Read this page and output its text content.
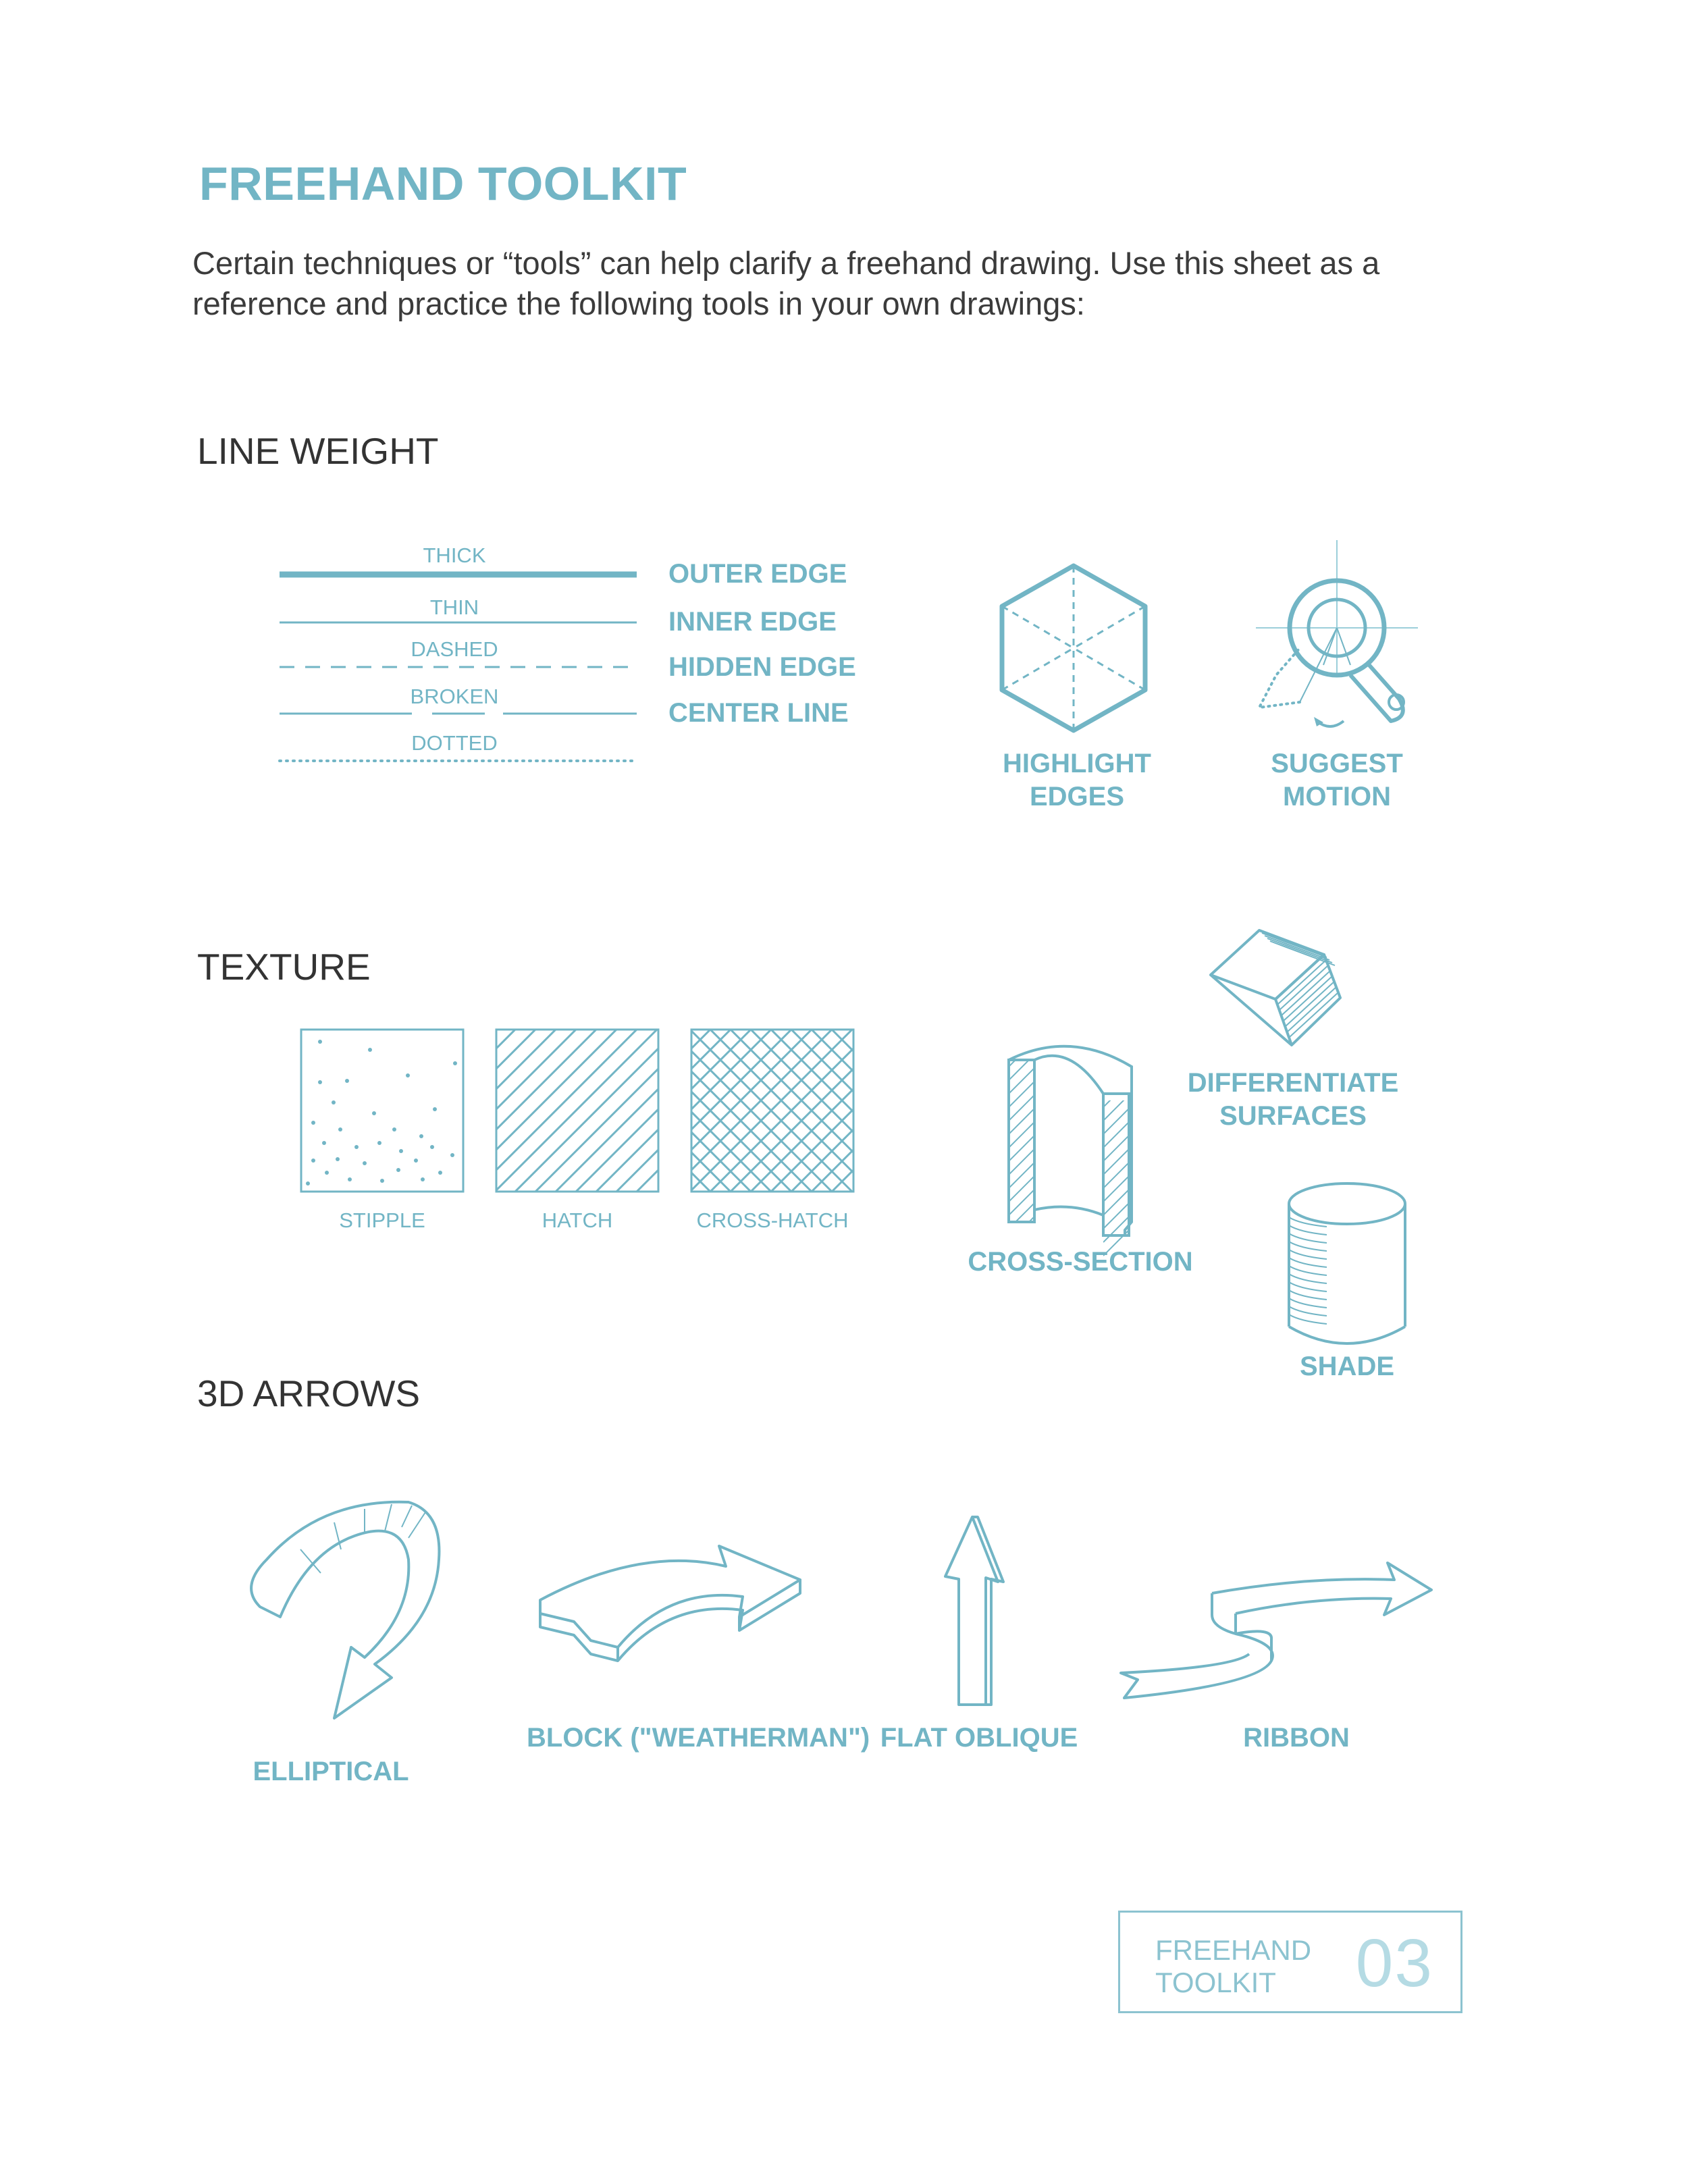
FREEHAND TOOLKIT
Certain techniques or “tools” can help clarify a freehand drawing. Use this sheet as a reference and practice the following tools in your own drawings:
LINE WEIGHT
THICK
THIN
DASHED
BROKEN
DOTTED
OUTER EDGE
INNER EDGE
HIDDEN EDGE
CENTER LINE
HIGHLIGHT EDGES
SUGGEST MOTION
TEXTURE
STIPPLE	HATCH	CROSS-HATCH
DIFFERENTIATE SURFACES
CROSS-SECTION
SHADE
3D ARROWS
ELLIPTICAL
BLOCK ("WEATHERMAN") FLAT OBLIQUE	RIBBON
FREEHAND TOOLKIT	03
